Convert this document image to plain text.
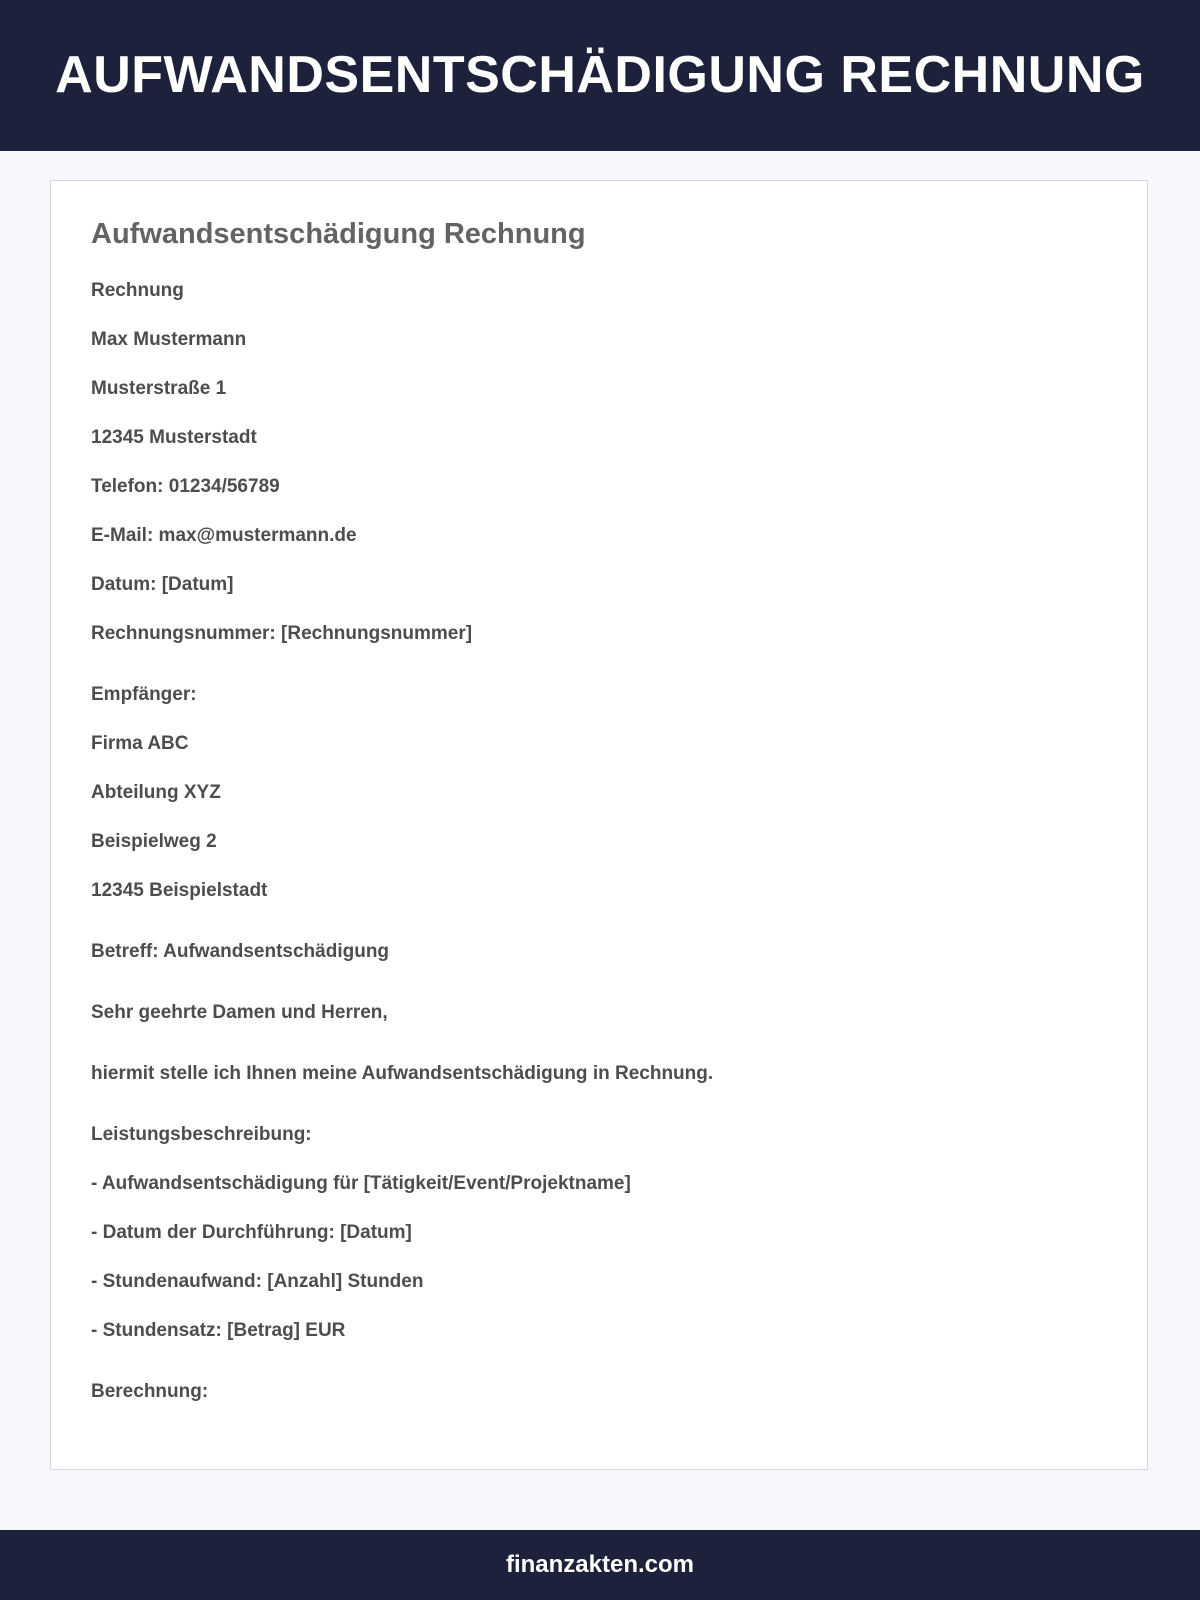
AUFWANDSENTSCHÄDIGUNG RECHNUNG
Aufwandsentschädigung Rechnung

Rechnung

Max Mustermann

Musterstraße 1

12345 Musterstadt

Telefon: 01234/56789

E-Mail: max@mustermann.de

Datum: [Datum]

Rechnungsnummer: [Rechnungsnummer]

Empfänger:

Firma ABC

Abteilung XYZ

Beispielweg 2

12345 Beispielstadt

Betreff: Aufwandsentschädigung

Sehr geehrte Damen und Herren,

hiermit stelle ich Ihnen meine Aufwandsentschädigung in Rechnung.

Leistungsbeschreibung:

- Aufwandsentschädigung für [Tätigkeit/Event/Projektname]

- Datum der Durchführung: [Datum]

- Stundenaufwand: [Anzahl] Stunden

- Stundensatz: [Betrag] EUR

Berechnung:

finanzakten.com
